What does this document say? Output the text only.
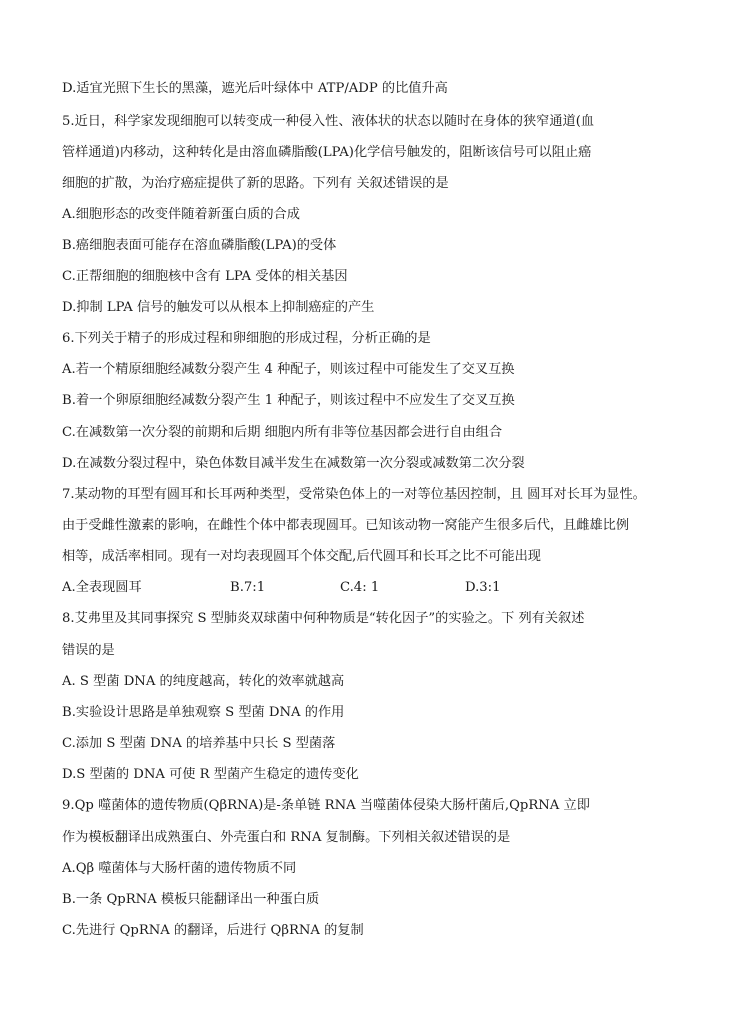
D.适宜光照下生长的黑藻，遮光后叶绿体中 ATP/ADP 的比值升高
5.近日，科学家发现细胞可以转变成一种侵入性、液体状的状态以随时在身体的狭窄通道(血
管样通道)内移动，这种转化是由溶血磷脂酸(LPA)化学信号触发的，阻断该信号可以阻止癌
细胞的扩散，为治疗癌症提供了新的思路。下列有 关叙述错误的是
A.细胞形态的改变伴随着新蛋白质的合成
B.癌细胞表面可能存在溶血磷脂酸(LPA)的受体
C.正帮细胞的细胞核中含有 LPA 受体的相关基因
D.抑制 LPA 信号的触发可以从根本上抑制癌症的产生
6.下列关于精子的形成过程和卵细胞的形成过程，分析正确的是
A.若一个精原细胞经减数分裂产生 4 种配子，则该过程中可能发生了交叉互换
B.着一个卵原细胞经减数分裂产生 1 种配子，则该过程中不应发生了交叉互换
C.在减数第一次分裂的前期和后期 细胞内所有非等位基因都会进行自由组合
D.在减数分裂过程中，染色体数目减半发生在减数第一次分裂或减数第二次分裂
7.某动物的耳型有圆耳和长耳两种类型，受常染色体上的一对等位基因控制，且 圆耳对长耳为显性。
由于受雌性激素的影响，在雌性个体中都表现圆耳。已知该动物一窝能产生很多后代，且雌雄比例
相等，成活率相同。现有一对均表现圆耳个体交配,后代圆耳和长耳之比不可能出现
A.全表现圆耳	B.7:1	C.4: 1	D.3:1
8.艾弗里及其同事探究 S 型肺炎双球菌中何种物质是“转化因子”的实验之。下 列有关叙述
错误的是
A. S 型菌 DNA 的纯度越高，转化的效率就越高
B.实验设计思路是单独观察 S 型菌 DNA 的作用
C.添加 S 型菌 DNA 的培养基中只长 S 型菌落
D.S 型菌的 DNA 可使 R 型菌产生稳定的遗传变化
9.Qp 噬菌体的遗传物质(QβRNA)是-条单链 RNA 当噬菌体侵染大肠杆菌后,QpRNA 立即
作为模板翻译出成熟蛋白、外壳蛋白和 RNA 复制酶。下列相关叙述错误的是
A.Qβ 噬菌体与大肠杆菌的遗传物质不同
B.一条 QpRNA 模板只能翻译出一种蛋白质
C.先进行 QpRNA 的翻译，后进行 QβRNA 的复制
